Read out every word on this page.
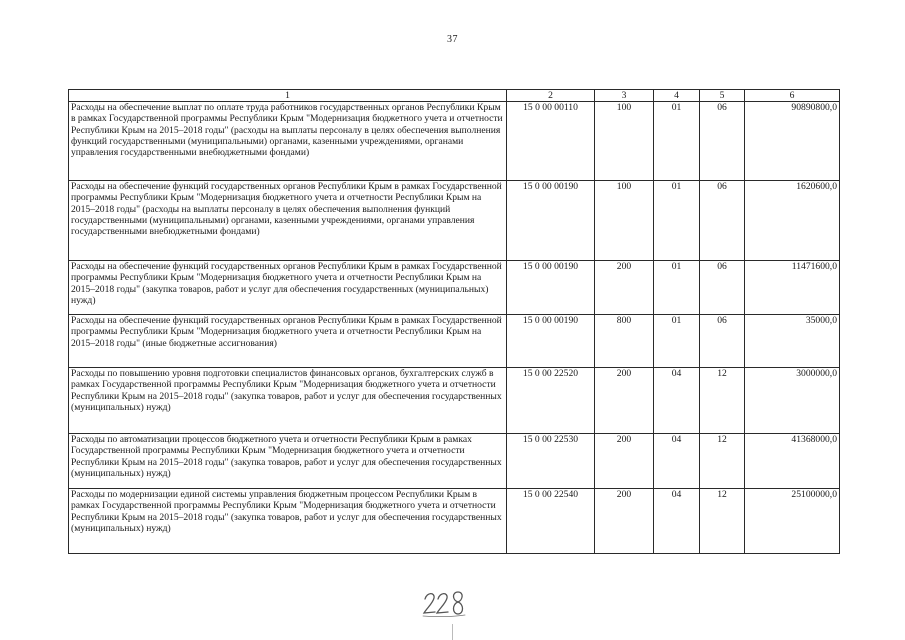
37
1	2	3	4	5	6
Расходы на обеспечение выплат по оплате труда работников государственных органов Республики Крым в рамках Государственной программы Республики Крым "Модернизация бюджетного учета и отчетности Республики Крым на 2015–2018 годы" (расходы на выплаты персоналу в целях обеспечения выполнения функций государственными (муниципальными) органами, казенными учреждениями, органами управления государственными внебюджетными фондами)	15 0 00 00110	100	01	06	90890800,0
Расходы на обеспечение функций государственных органов Республики Крым в рамках Государственной программы Республики Крым "Модернизация бюджетного учета и отчетности Республики Крым на 2015–2018 годы" (расходы на выплаты персоналу в целях обеспечения выполнения функций государственными (муниципальными) органами, казенными учреждениями, органами управления государственными внебюджетными фондами)	15 0 00 00190	100	01	06	1620600,0
Расходы на обеспечение функций государственных органов Республики Крым в рамках Государственной программы Республики Крым "Модернизация бюджетного учета и отчетности Республики Крым на 2015–2018 годы" (закупка товаров, работ и услуг для обеспечения государственных (муниципальных) нужд)	15 0 00 00190	200	01	06	11471600,0
Расходы на обеспечение функций государственных органов Республики Крым в рамках Государственной программы Республики Крым "Модернизация бюджетного учета и отчетности Республики Крым на 2015–2018 годы" (иные бюджетные ассигнования)	15 0 00 00190	800	01	06	35000,0
Расходы по повышению уровня подготовки специалистов финансовых органов, бухгалтерских служб в рамках Государственной программы Республики Крым "Модернизация бюджетного учета и отчетности Республики Крым на 2015–2018 годы" (закупка товаров, работ и услуг для обеспечения государственных (муниципальных) нужд)	15 0 00 22520	200	04	12	3000000,0
Расходы по автоматизации процессов бюджетного учета и отчетности Республики Крым в рамках Государственной программы Республики Крым "Модернизация бюджетного учета и отчетности Республики Крым на 2015–2018 годы" (закупка товаров, работ и услуг для обеспечения государственных (муниципальных) нужд)	15 0 00 22530	200	04	12	41368000,0
Расходы по модернизации единой системы управления бюджетным процессом Республики Крым в рамках Государственной программы Республики Крым "Модернизация бюджетного учета и отчетности Республики Крым на 2015–2018 годы" (закупка товаров, работ и услуг для обеспечения государственных (муниципальных) нужд)	15 0 00 22540	200	04	12	25100000,0
